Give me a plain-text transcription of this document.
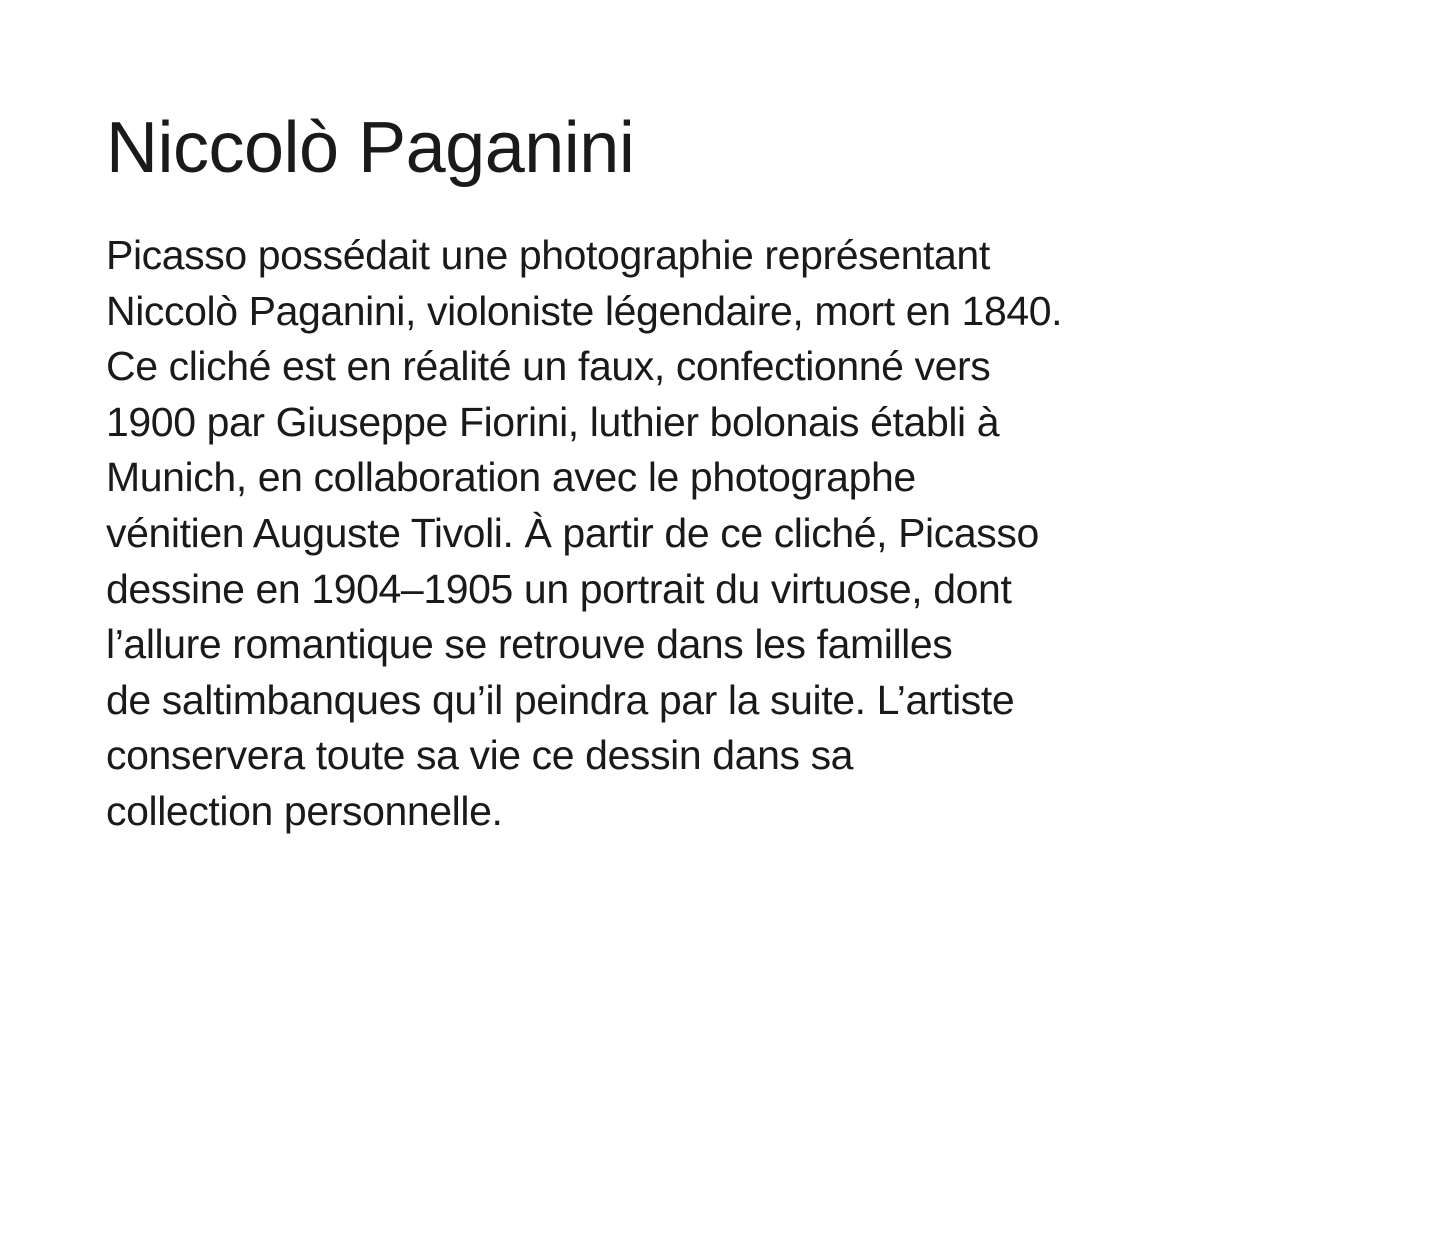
Niccolò Paganini

Picasso possédait une photographie représentant
Niccolò Paganini, violoniste légendaire, mort en 1840.
Ce cliché est en réalité un faux, confectionné vers
1900 par Giuseppe Fiorini, luthier bolonais établi à
Munich, en collaboration avec le photographe
vénitien Auguste Tivoli. À partir de ce cliché, Picasso
dessine en 1904–1905 un portrait du virtuose, dont
l’allure romantique se retrouve dans les familles
de saltimbanques qu’il peindra par la suite. L’artiste
conservera toute sa vie ce dessin dans sa
collection personnelle.
